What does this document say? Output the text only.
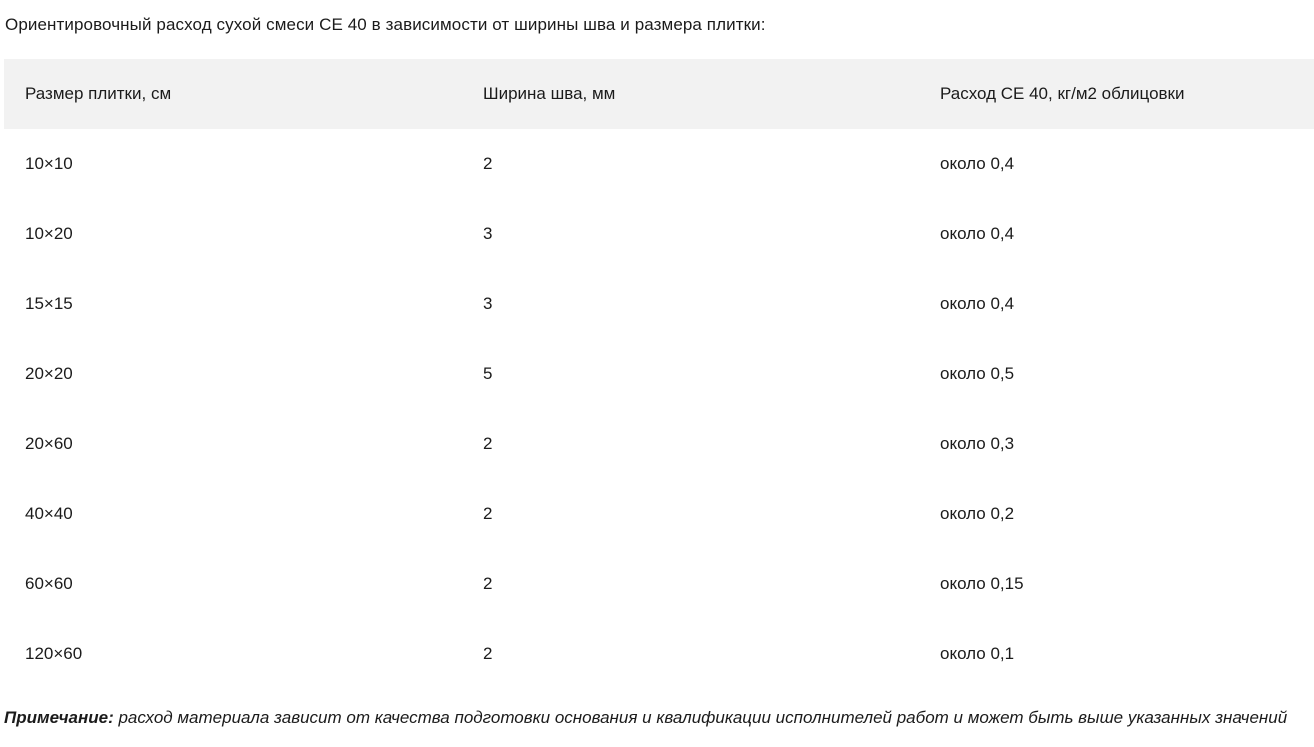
Ориентировочный расход сухой смеси CE 40 в зависимости от ширины шва и размера плитки:
Размер плитки, см	Ширина шва, мм	Расход CE 40, кг/м2 облицовки
10×10	2	около 0,4
10×20	3	около 0,4
15×15	3	около 0,4
20×20	5	около 0,5
20×60	2	около 0,3
40×40	2	около 0,2
60×60	2	около 0,15
120×60	2	около 0,1
Примечание: расход материала зависит от качества подготовки основания и квалификации исполнителей работ и может быть выше указанных значений
